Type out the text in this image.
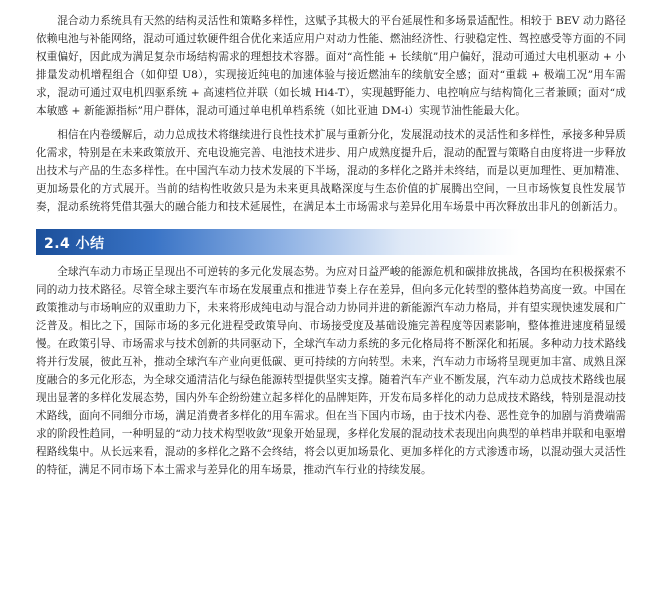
混合动力系统具有天然的结构灵活性和策略多样性，这赋予其极大的平台延展性和多场景适配性。相较于 BEV 动力路径依赖电池与补能网络，混动可通过软硬件组合优化来适应用户对动力性能、燃油经济性、行驶稳定性、驾控感受等方面的不同权重偏好，因此成为满足复杂市场结构需求的理想技术容器。面对“高性能 + 长续航”用户偏好，混动可通过大电机驱动 + 小排量发动机增程组合（如仰望 U8），实现接近纯电的加速体验与接近燃油车的续航安全感；面对“重载 + 极端工况”用车需求，混动可通过双电机四驱系统 + 高速档位并联（如长城 Hi4-T），实现越野能力、电控响应与结构简化三者兼顾；面对“成本敏感 + 新能源指标”用户群体，混动可通过单电机单档系统（如比亚迪 DM-i）实现节油性能最大化。

相信在内卷缓解后，动力总成技术将继续进行良性技术扩展与重新分化，发展混动技术的灵活性和多样性，承接多种异质化需求，特别是在未来政策放开、充电设施完善、电池技术进步、用户成熟度提升后，混动的配置与策略自由度将进一步释放出技术与产品的生态多样性。在中国汽车动力技术发展的下半场，混动的多样化之路并未终结，而是以更加理性、更加精准、更加场景化的方式展开。当前的结构性收敛只是为未来更具战略深度与生态价值的扩展腾出空间，一旦市场恢复良性发展节奏，混动系统将凭借其强大的融合能力和技术延展性，在满足本土市场需求与差异化用车场景中再次释放出非凡的创新活力。

2.4 小结

全球汽车动力市场正呈现出不可逆转的多元化发展态势。为应对日益严峻的能源危机和碳排放挑战，各国均在积极探索不同的动力技术路径。尽管全球主要汽车市场在发展重点和推进节奏上存在差异，但向多元化转型的整体趋势高度一致。中国在政策推动与市场响应的双重助力下，未来将形成纯电动与混合动力协同并进的新能源汽车动力格局，并有望实现快速发展和广泛普及。相比之下，国际市场的多元化进程受政策导向、市场接受度及基础设施完善程度等因素影响，整体推进速度稍显缓慢。在政策引导、市场需求与技术创新的共同驱动下，全球汽车动力系统的多元化格局将不断深化和拓展。多种动力技术路线将并行发展，彼此互补，推动全球汽车产业向更低碳、更可持续的方向转型。未来，汽车动力市场将呈现更加丰富、成熟且深度融合的多元化形态，为全球交通清洁化与绿色能源转型提供坚实支撑。随着汽车产业不断发展，汽车动力总成技术路线也展现出显著的多样化发展态势，国内外车企纷纷建立起多样化的品牌矩阵，开发布局多样化的动力总成技术路线，特别是混动技术路线，面向不同细分市场，满足消费者多样化的用车需求。但在当下国内市场，由于技术内卷、恶性竞争的加剧与消费端需求的阶段性趋同，一种明显的“动力技术构型收敛”现象开始显现，多样化发展的混动技术表现出向典型的单档串并联和电驱增程路线集中。从长远来看，混动的多样化之路不会终结，将会以更加场景化、更加多样化的方式渗透市场，以混动强大灵活性的特征，满足不同市场下本土需求与差异化的用车场景，推动汽车行业的持续发展。
